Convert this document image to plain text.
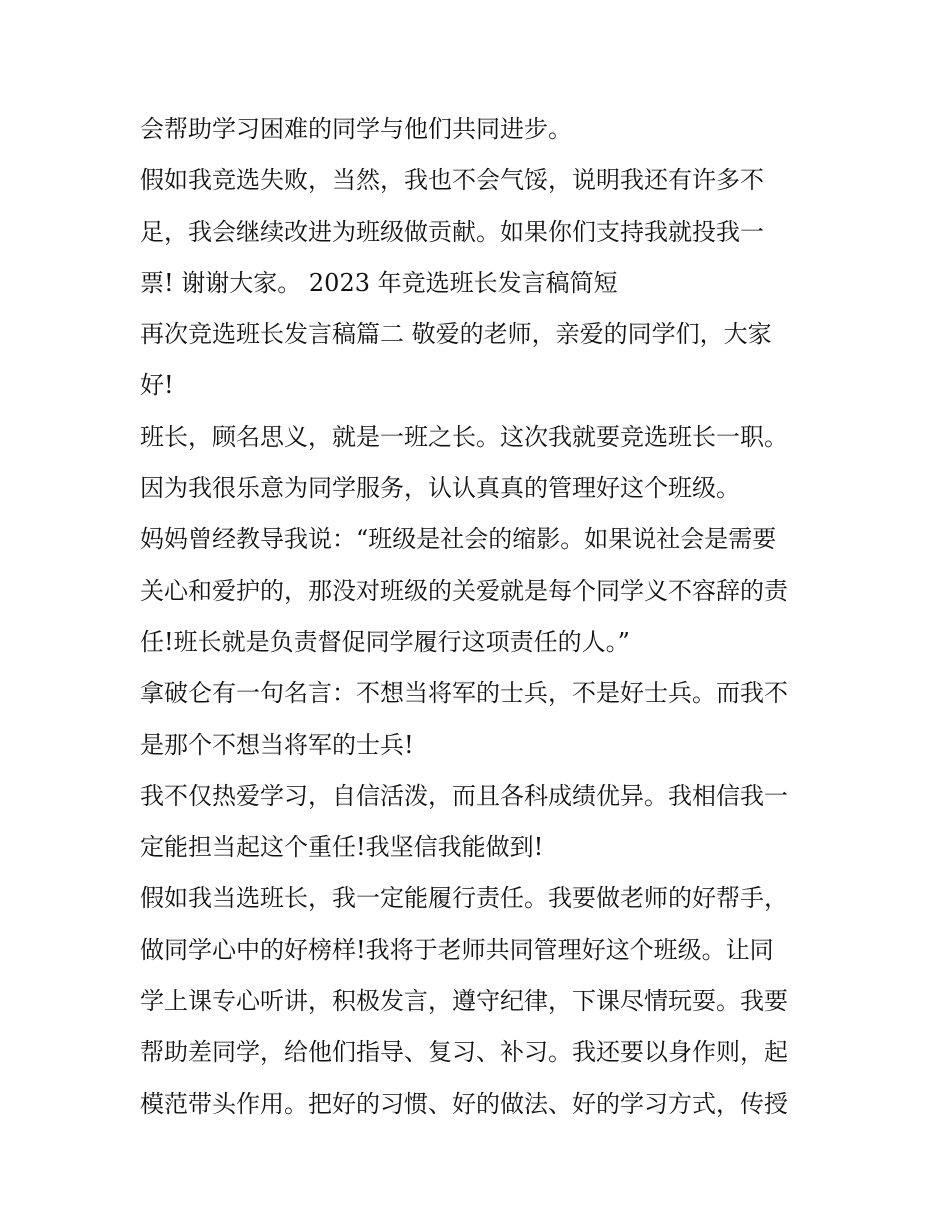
会帮助学习困难的同学与他们共同进步。

假如我竞选失败，当然，我也不会气馁，说明我还有许多不

足，我会继续改进为班级做贡献。如果你们支持我就投我一

票! 谢谢大家。 2023 年竞选班长发言稿简短

再次竞选班长发言稿篇二 敬爱的老师，亲爱的同学们，大家

好!

班长，顾名思义，就是一班之长。这次我就要竞选班长一职。

因为我很乐意为同学服务，认认真真的管理好这个班级。

妈妈曾经教导我说：“班级是社会的缩影。如果说社会是需要

关心和爱护的，那没对班级的关爱就是每个同学义不容辞的责

任!班长就是负责督促同学履行这项责任的人。”

拿破仑有一句名言：不想当将军的士兵，不是好士兵。而我不

是那个不想当将军的士兵!

我不仅热爱学习，自信活泼，而且各科成绩优异。我相信我一

定能担当起这个重任!我坚信我能做到!

假如我当选班长，我一定能履行责任。我要做老师的好帮手，

做同学心中的好榜样!我将于老师共同管理好这个班级。让同

学上课专心听讲，积极发言，遵守纪律，下课尽情玩耍。我要

帮助差同学，给他们指导、复习、补习。我还要以身作则，起

模范带头作用。把好的习惯、好的做法、好的学习方式，传授
